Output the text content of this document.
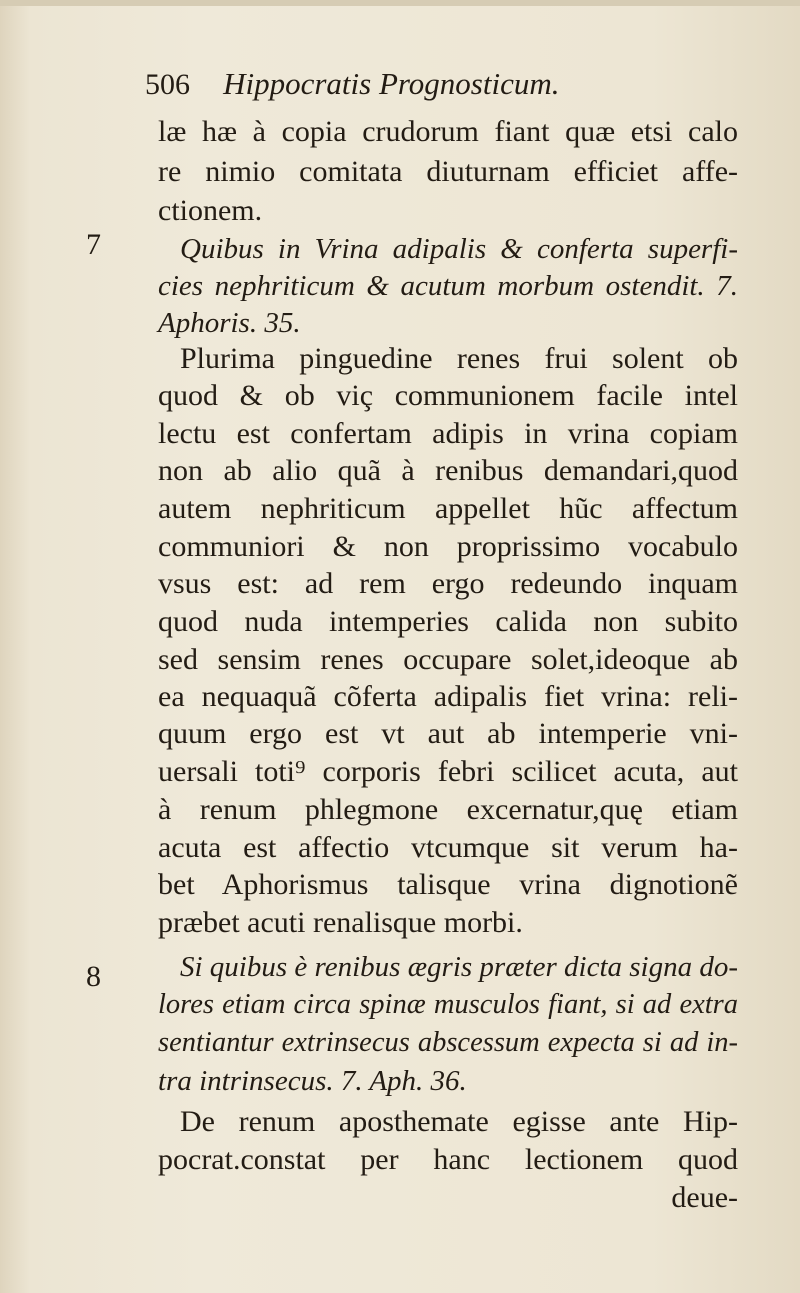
506 Hippocratis Prognosticum.
7
8
læ hæ à copia crudorum fiant quæ etsi calo
re nimio comitata diuturnam efficiet affe-
ctionem.
Quibus in Vrina adipalis & conferta superfi-
cies nephriticum & acutum morbum ostendit. 7.
Aphoris. 35.
Plurima pinguedine renes frui solent ob
quod & ob viç communionem facile intel
lectu est confertam adipis in vrina copiam
non ab alio quã à renibus demandari,quod
autem nephriticum appellet hũc affectum
communiori & non proprissimo vocabulo
vsus est: ad rem ergo redeundo inquam
quod nuda intemperies calida non subito
sed sensim renes occupare solet,ideoque ab
ea nequaquã cõferta adipalis fiet vrina: reli-
quum ergo est vt aut ab intemperie vni-
uersali toti⁹ corporis febri scilicet acuta, aut
à renum phlegmone excernatur,quę etiam
acuta est affectio vtcumque sit verum ha-
bet Aphorismus talisque vrina dignotionẽ
præbet acuti renalisque morbi.
Si quibus è renibus ægris præter dicta signa do-
lores etiam circa spinæ musculos fiant, si ad extra
sentiantur extrinsecus abscessum expecta si ad in-
tra intrinsecus. 7. Aph. 36.
De renum aposthemate egisse ante Hip-
pocrat.constat per hanc lectionem quod
deue-
